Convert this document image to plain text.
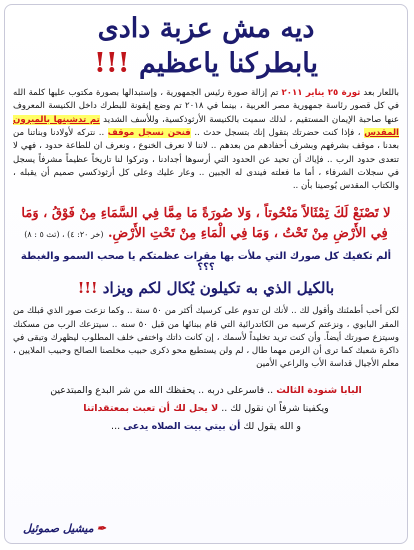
ديه مش عزبة دادى
يابطركنا ياعظيم !!!
باللعار بعد ثورة ٢٥ يناير ٢٠١١ تم إزالة صورة رئيس الجمهورية ، وإستبدالها بصورة مكتوب عليها كلمة الله في كل قصور رئاسة جمهورية مصر العربية ، بينما في ٢٠١٨ تم وضع إيقونة للبطرك داخل الكنيسة المعروف عنها صاحبة الإيمان المستقيم ، لذلك سميت بالكنيسة الأرثوذكسية، وللأسف الشديد تم تدشينها بالميرون المقدس ، فإذا كنت حضرتك بتقول إنك بتسجل حدث .. فنحن نسجل موقف .. نتركه لأولادنا وبناتنا من بعدنا ، موقف بشرفهم وبشرف أحفادهم من بعدهم .. لاننا لا نعرف الخنوع ، ونعرف ان للطاعة حدود ، فهي لا تتعدى حدود الرب .. فإياك أن تحيد عن الحدود التي أرسوها أجدادنا ، وتركوا لنا تاريخاً عظيماً مشرفاً يسجل في سجلات الشرفاء ، أما ما فعلته فيندى له الجبين .. وعار عليك وعلى كل أرثوذكسي صميم أن يقبله ، والكتاب المقدس يُوصينا بأن ..
لا تَصْنَعْ لَكَ تِمْثَالاً مَنْحُوتاً ، وَلا صُورَةً مَا مِمَّا فِي السَّمَاءِ مِنْ فَوْقُ ، وَمَا فِي الأَرْضِ مِنْ تَحْتُ ، وَمَا فِي الْمَاءِ مِنْ تَحْتِ الأَرْضِ. (خر ٢٠: ٤) ، (تث ٥ : ٨)
ألم تكفيك كل صورك التي ملأت بها مقرات عظمتكم يا صحب السمو والغبطة ؟؟؟
بالكيل الذي به تكيلون يُكال لكم ويزاد !!!
لكن أحب أطمئنك وأقول لك .. لأنك لن تدوم على كرسيك أكثر من ٥٠ سنة .. وكما نزعت صور الذي قبلك من المقر البابوي ، ونزعتم كرسيه من الكاتدرائية التي قام ببنائها من قبل ٥٠ سنه .. سيتزعك الرب من مسكنك وسيتزع صورتك أيضاً. وأن كنت تريد تخليداً لأسمك ، إن كانت ذاتك واختفى خلف المطلوب ليظهرك وتبقى في ذاكرة شعبك كما ترى أن الزمن مهما طال ، لم ولن يستطيع محو ذكرى حبيب مخلصنا الصالح وحبيب الملايين ، معلم الأجيال قداسة الأب والراعي الأمين
البابا شنودة الثالث .. فاسرعلى دربه .. يحفظك الله من شر البدع والمبتدعين
ويكفينا شرفاً ان نقول لك .. لا يحل لك أن تعبث بمعتقداتنا
و الله يقول لك أن بيتي بيت الصلاه يدعى ...
✒ميشيل صموئيل
